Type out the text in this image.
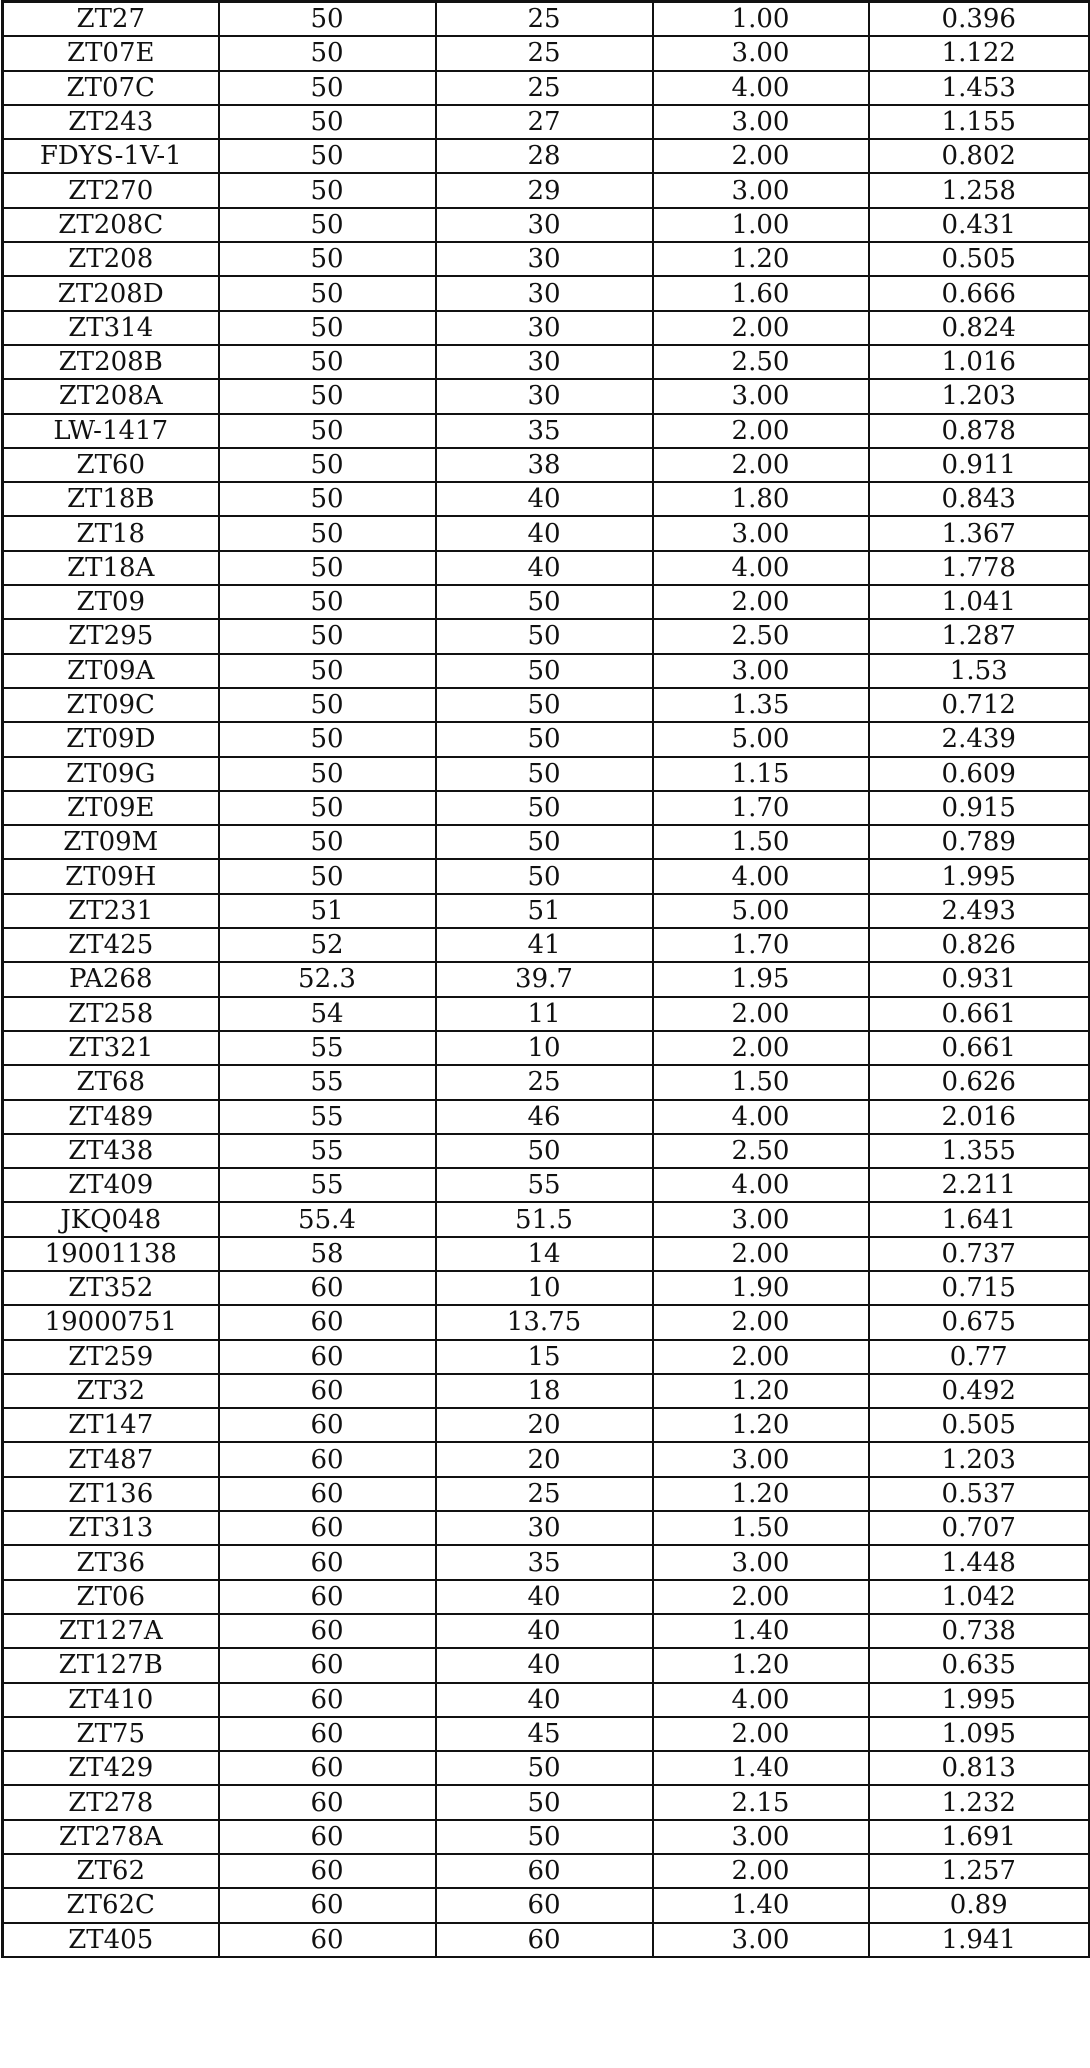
ZT27	50	25	1.00	0.396
ZT07E	50	25	3.00	1.122
ZT07C	50	25	4.00	1.453
ZT243	50	27	3.00	1.155
FDYS-1V-1	50	28	2.00	0.802
ZT270	50	29	3.00	1.258
ZT208C	50	30	1.00	0.431
ZT208	50	30	1.20	0.505
ZT208D	50	30	1.60	0.666
ZT314	50	30	2.00	0.824
ZT208B	50	30	2.50	1.016
ZT208A	50	30	3.00	1.203
LW-1417	50	35	2.00	0.878
ZT60	50	38	2.00	0.911
ZT18B	50	40	1.80	0.843
ZT18	50	40	3.00	1.367
ZT18A	50	40	4.00	1.778
ZT09	50	50	2.00	1.041
ZT295	50	50	2.50	1.287
ZT09A	50	50	3.00	1.53
ZT09C	50	50	1.35	0.712
ZT09D	50	50	5.00	2.439
ZT09G	50	50	1.15	0.609
ZT09E	50	50	1.70	0.915
ZT09M	50	50	1.50	0.789
ZT09H	50	50	4.00	1.995
ZT231	51	51	5.00	2.493
ZT425	52	41	1.70	0.826
PA268	52.3	39.7	1.95	0.931
ZT258	54	11	2.00	0.661
ZT321	55	10	2.00	0.661
ZT68	55	25	1.50	0.626
ZT489	55	46	4.00	2.016
ZT438	55	50	2.50	1.355
ZT409	55	55	4.00	2.211
JKQ048	55.4	51.5	3.00	1.641
19001138	58	14	2.00	0.737
ZT352	60	10	1.90	0.715
19000751	60	13.75	2.00	0.675
ZT259	60	15	2.00	0.77
ZT32	60	18	1.20	0.492
ZT147	60	20	1.20	0.505
ZT487	60	20	3.00	1.203
ZT136	60	25	1.20	0.537
ZT313	60	30	1.50	0.707
ZT36	60	35	3.00	1.448
ZT06	60	40	2.00	1.042
ZT127A	60	40	1.40	0.738
ZT127B	60	40	1.20	0.635
ZT410	60	40	4.00	1.995
ZT75	60	45	2.00	1.095
ZT429	60	50	1.40	0.813
ZT278	60	50	2.15	1.232
ZT278A	60	50	3.00	1.691
ZT62	60	60	2.00	1.257
ZT62C	60	60	1.40	0.89
ZT405	60	60	3.00	1.941
